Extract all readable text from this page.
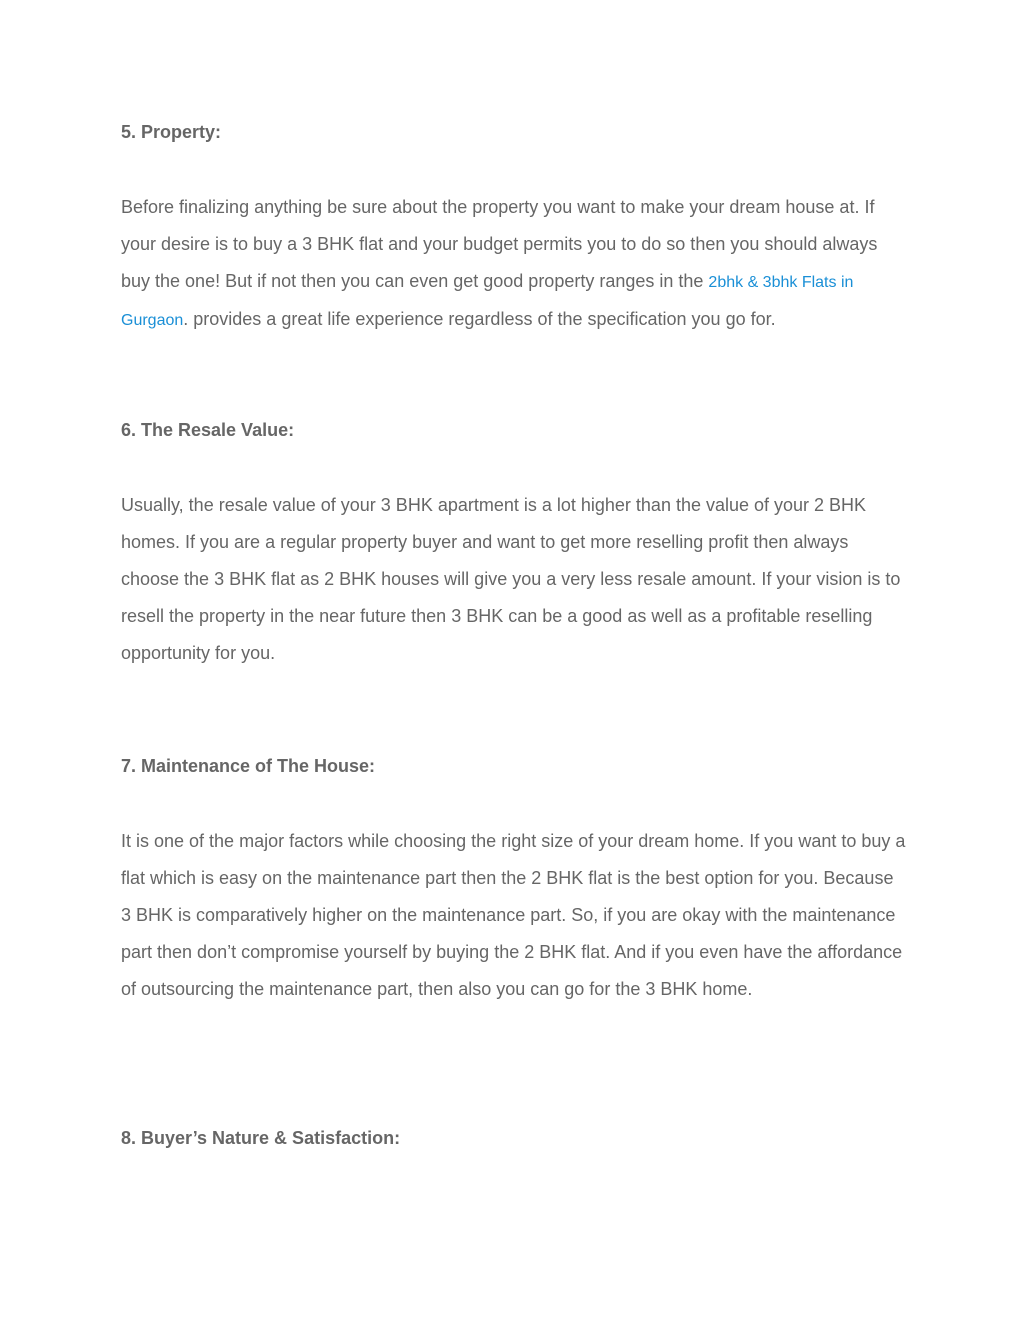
5. Property:

Before finalizing anything be sure about the property you want to make your dream house at. If your desire is to buy a 3 BHK flat and your budget permits you to do so then you should always buy the one! But if not then you can even get good property ranges in the 2bhk & 3bhk Flats in Gurgaon. provides a great life experience regardless of the specification you go for.

6. The Resale Value:

Usually, the resale value of your 3 BHK apartment is a lot higher than the value of your 2 BHK homes. If you are a regular property buyer and want to get more reselling profit then always choose the 3 BHK flat as 2 BHK houses will give you a very less resale amount. If your vision is to resell the property in the near future then 3 BHK can be a good as well as a profitable reselling opportunity for you.

7. Maintenance of The House:

It is one of the major factors while choosing the right size of your dream home. If you want to buy a flat which is easy on the maintenance part then the 2 BHK flat is the best option for you. Because 3 BHK is comparatively higher on the maintenance part. So, if you are okay with the maintenance part then don’t compromise yourself by buying the 2 BHK flat. And if you even have the affordance of outsourcing the maintenance part, then also you can go for the 3 BHK home.

8. Buyer’s Nature & Satisfaction:
